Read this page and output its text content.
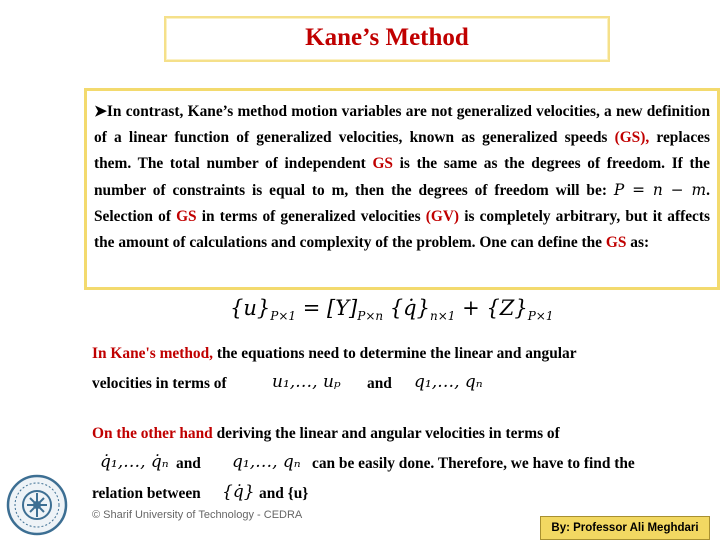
Kane’s Method
➤In contrast, Kane’s method motion variables are not generalized velocities, a new definition of a linear function of generalized velocities, known as generalized speeds (GS), replaces them. The total number of independent GS is the same as the degrees of freedom. If the number of constraints is equal to m, then the degrees of freedom will be: P = n − m. Selection of GS in terms of generalized velocities (GV) is completely arbitrary, but it affects the amount of calculations and complexity of the problem. One can define the GS as:
$\{u\}_{P\times 1} = [Y]_{P\times n}$ $\{q̇\}_{n\times 1} + \{Z\}_{P\times 1}$
In Kane's method, the equations need to determine the linear and angular
velocities in terms of	u₁,…, uₚ and q₁,…, qₙ
On the other hand deriving the linear and angular velocities in terms of
q̇₁,…, q̇ₙ and q₁,…, qₙ can be easily done. Therefore, we have to find the
relation between {q̇} and {u}
© Sharif University of Technology - CEDRA
By: Professor Ali Meghdari
